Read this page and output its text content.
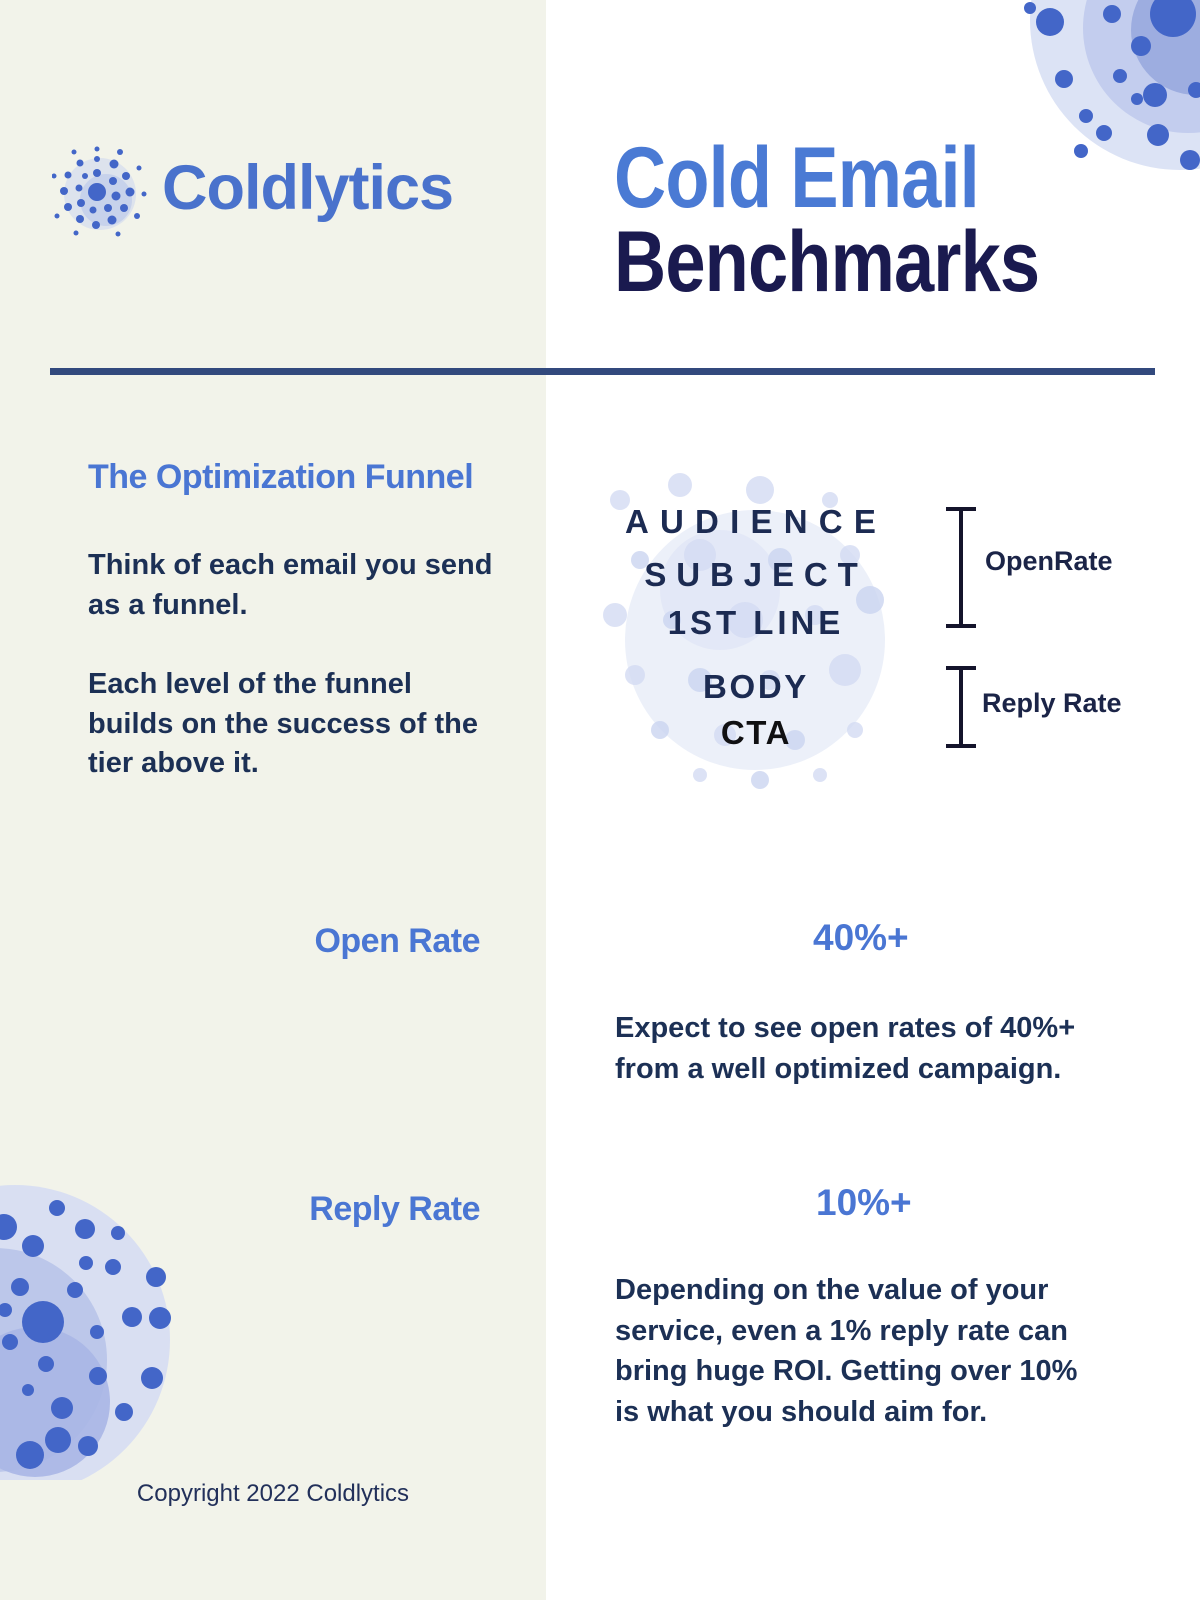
Coldlytics Cold Email
Benchmarks
The Optimization Funnel
Think of each email you send as a funnel.
Each level of the funnel builds on the success of the tier above it.
Open Rate
Reply Rate
Copyright 2022 Coldlytics
AUDIENCE
SUBJECT
1ST LINE
BODY
CTA
OpenRate
Reply Rate
40%+
Expect to see open rates of 40%+ from a well optimized campaign.
10%+
Depending on the value of your service, even a 1% reply rate can bring huge ROI. Getting over 10% is what you should aim for.
